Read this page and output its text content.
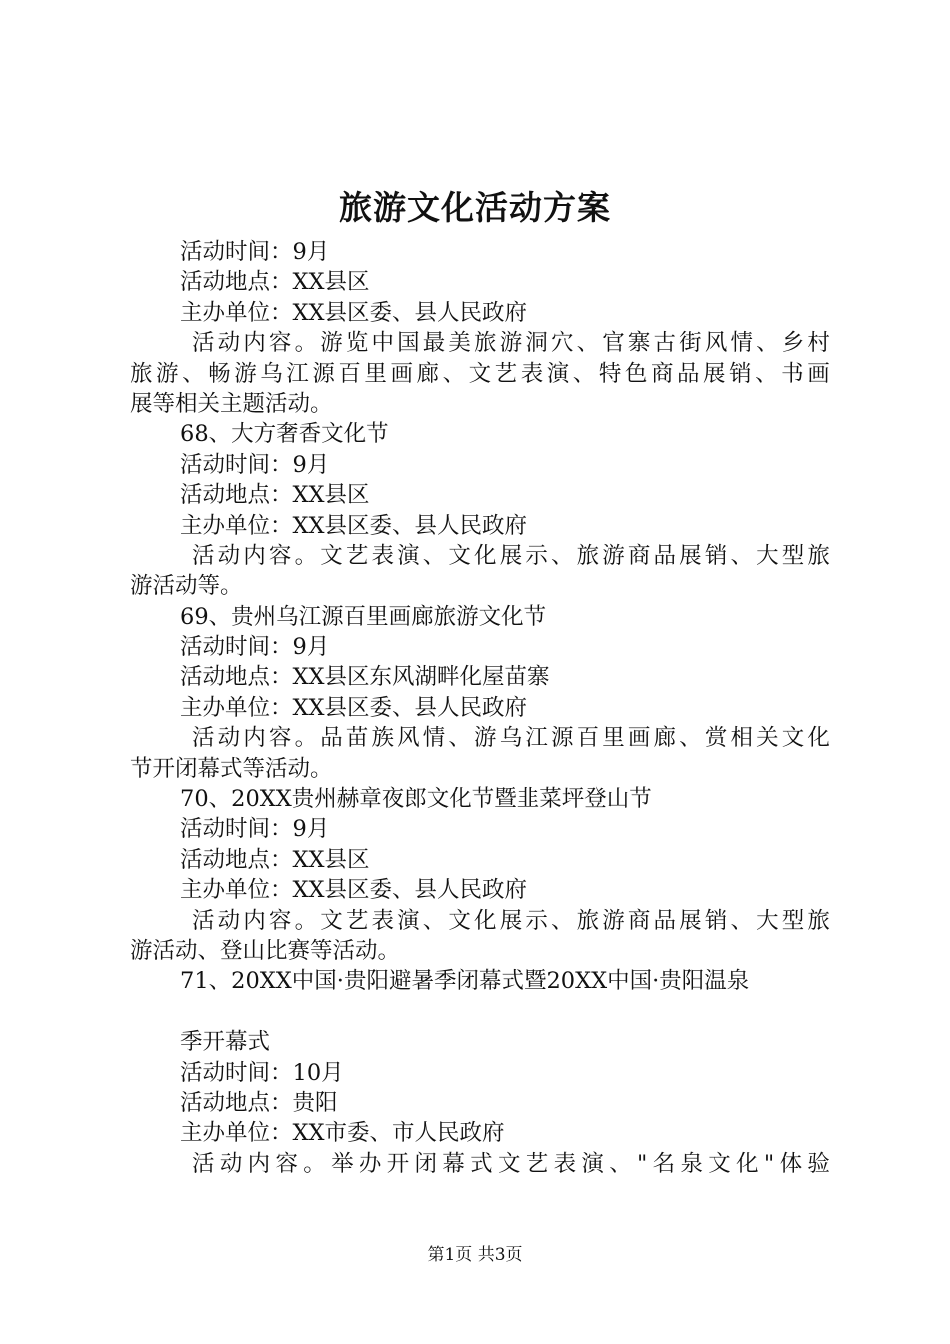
旅游文化活动方案
活动时间：9月
活动地点：XX县区
主办单位：XX县区委、县人民政府
活 动 内 容 。 游 览 中 国 最 美 旅 游 洞 穴 、 官 寨 古 街 风 情 、 乡 村
旅 游 、 畅 游 乌 江 源 百 里 画 廊 、 文 艺 表 演 、 特 色 商 品 展 销 、 书 画
展等相关主题活动。
68、大方奢香文化节
活动时间：9月
活动地点：XX县区
主办单位：XX县区委、县人民政府
活 动 内 容 。 文 艺 表 演 、 文 化 展 示 、 旅 游 商 品 展 销 、 大 型 旅
游活动等。
69、贵州乌江源百里画廊旅游文化节
活动时间：9月
活动地点：XX县区东风湖畔化屋苗寨
主办单位：XX县区委、县人民政府
活 动 内 容 。 品 苗 族 风 情 、 游 乌 江 源 百 里 画 廊 、 赏 相 关 文 化
节开闭幕式等活动。
70、20XX贵州赫章夜郎文化节暨韭菜坪登山节
活动时间：9月
活动地点：XX县区
主办单位：XX县区委、县人民政府
活 动 内 容 。 文 艺 表 演 、 文 化 展 示 、 旅 游 商 品 展 销 、 大 型 旅
游活动、登山比赛等活动。
71、20XX中国·贵阳避暑季闭幕式暨20XX中国·贵阳温泉
季开幕式
活动时间：10月
活动地点：贵阳
主办单位：XX市委、市人民政府
活 动 内 容 。 举 办 开 闭 幕 式 文 艺 表 演 、 " 名 泉 文 化 " 体 验
第1页 共3页
